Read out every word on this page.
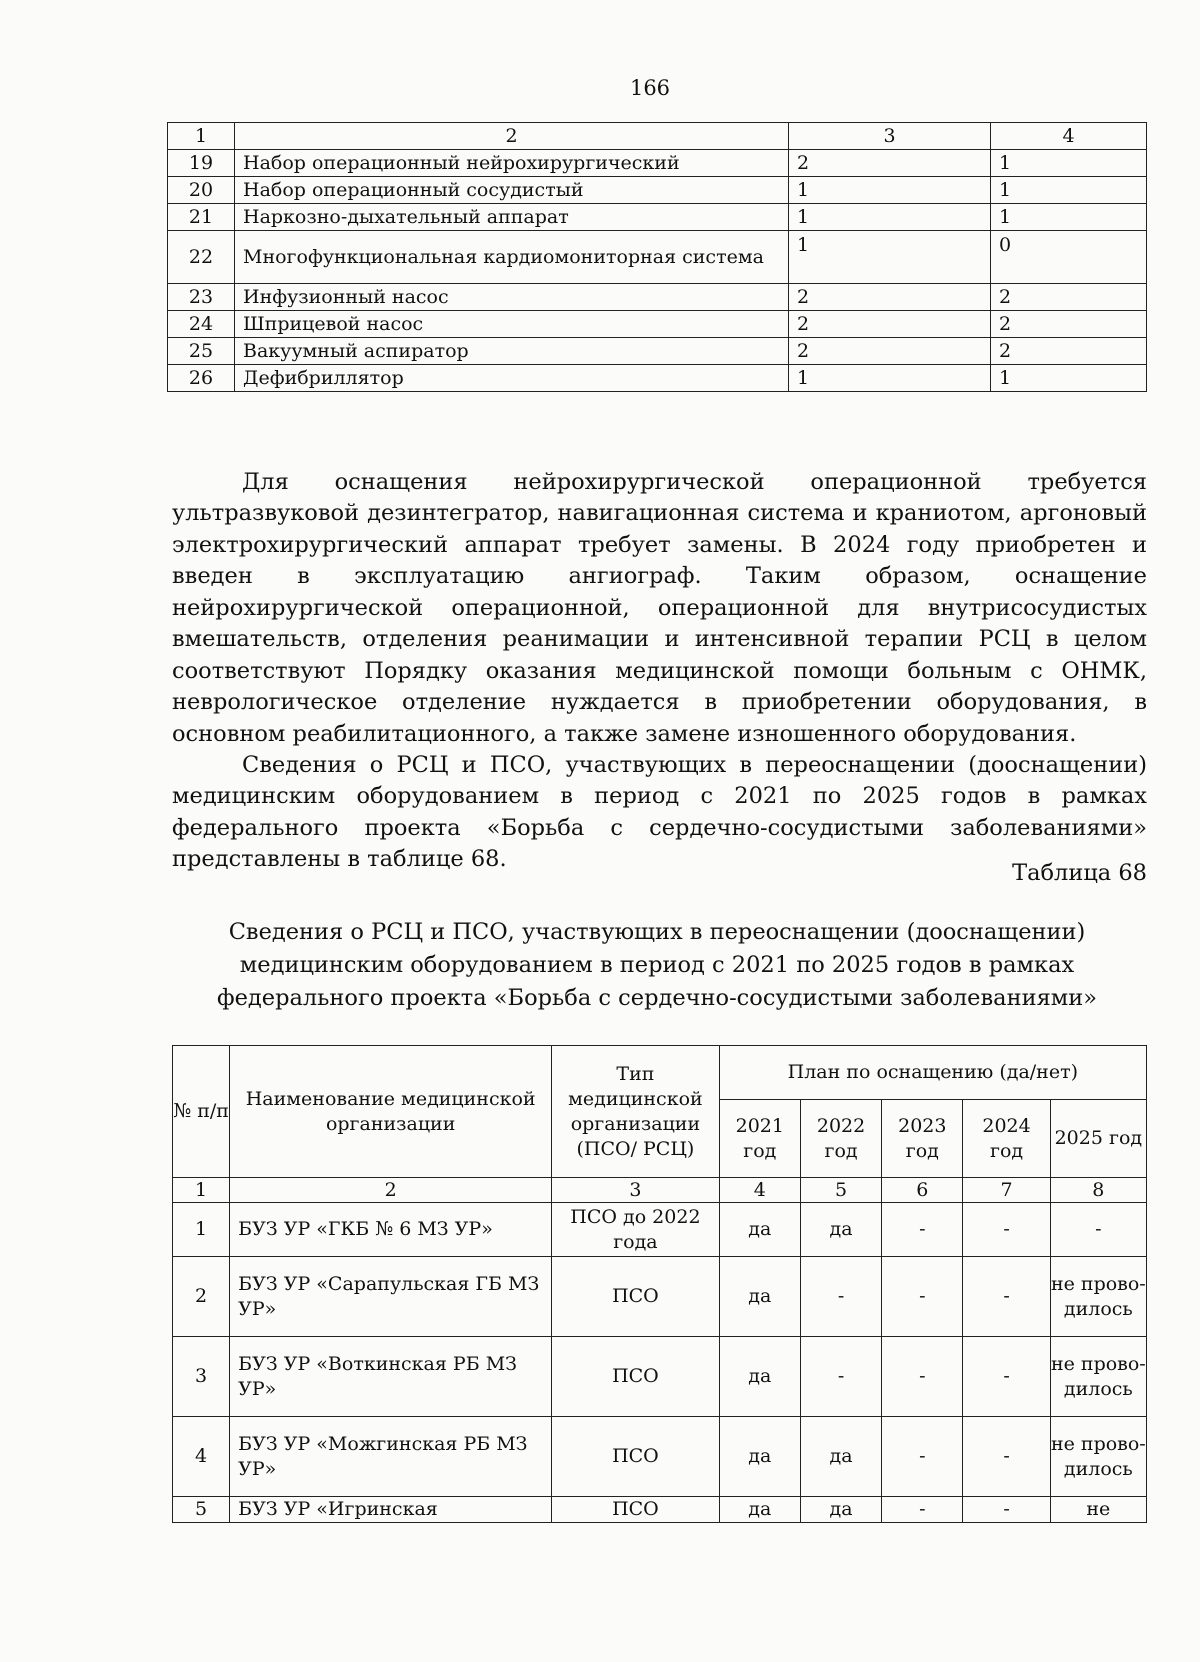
166
1	2	3	4
19	Набор операционный нейрохирургический	2	1
20	Набор операционный сосудистый	1	1
21	Наркозно-дыхательный аппарат	1	1
22	Многофункциональная кардиомониторная система	1	0
23	Инфузионный насос	2	2
24	Шприцевой насос	2	2
25	Вакуумный аспиратор	2	2
26	Дефибриллятор	1	1

Для оснащения нейрохирургической операционной требуется ультразвуковой дезинтегратор, навигационная система и краниотом, аргоновый электрохирургический аппарат требует замены. В 2024 году приобретен и введен в эксплуатацию ангиограф. Таким образом, оснащение нейрохирургической операционной, операционной для внутрисосудистых вмешательств, отделения реанимации и интенсивной терапии РСЦ в целом соответствуют Порядку оказания медицинской помощи больным с ОНМК, неврологическое отделение нуждается в приобретении оборудования, в основном реабилитационного, а также замене изношенного оборудования.

Сведения о РСЦ и ПСО, участвующих в переоснащении (дооснащении) медицинским оборудованием в период с 2021 по 2025 годов в рамках федерального проекта «Борьба с сердечно-сосудистыми заболеваниями» представлены в таблице 68.

Таблица 68
Сведения о РСЦ и ПСО, участвующих в переоснащении (дооснащении) медицинским оборудованием в период с 2021 по 2025 годов в рамках федерального проекта «Борьба с сердечно-сосудистыми заболеваниями»
№ п/п	Наименование медицинской организации	Тип медицинской организации (ПСО/ РСЦ)	План по оснащению (да/нет)				
			2021 год	2022 год	2023 год	2024 год	2025 год
1	2	3	4	5	6	7	8
1	БУЗ УР «ГКБ № 6 МЗ УР»	ПСО до 2022 года	да	да	-	-	-
2	БУЗ УР «Сарапульская ГБ МЗ УР»	ПСО	да	-	-	-	не прово-дилось
3	БУЗ УР «Воткинская РБ МЗ УР»	ПСО	да	-	-	-	не прово-дилось
4	БУЗ УР «Можгинская РБ МЗ УР»	ПСО	да	да	-	-	не прово-дилось
5	БУЗ УР «Игринская	ПСО	да	да	-	-	не
